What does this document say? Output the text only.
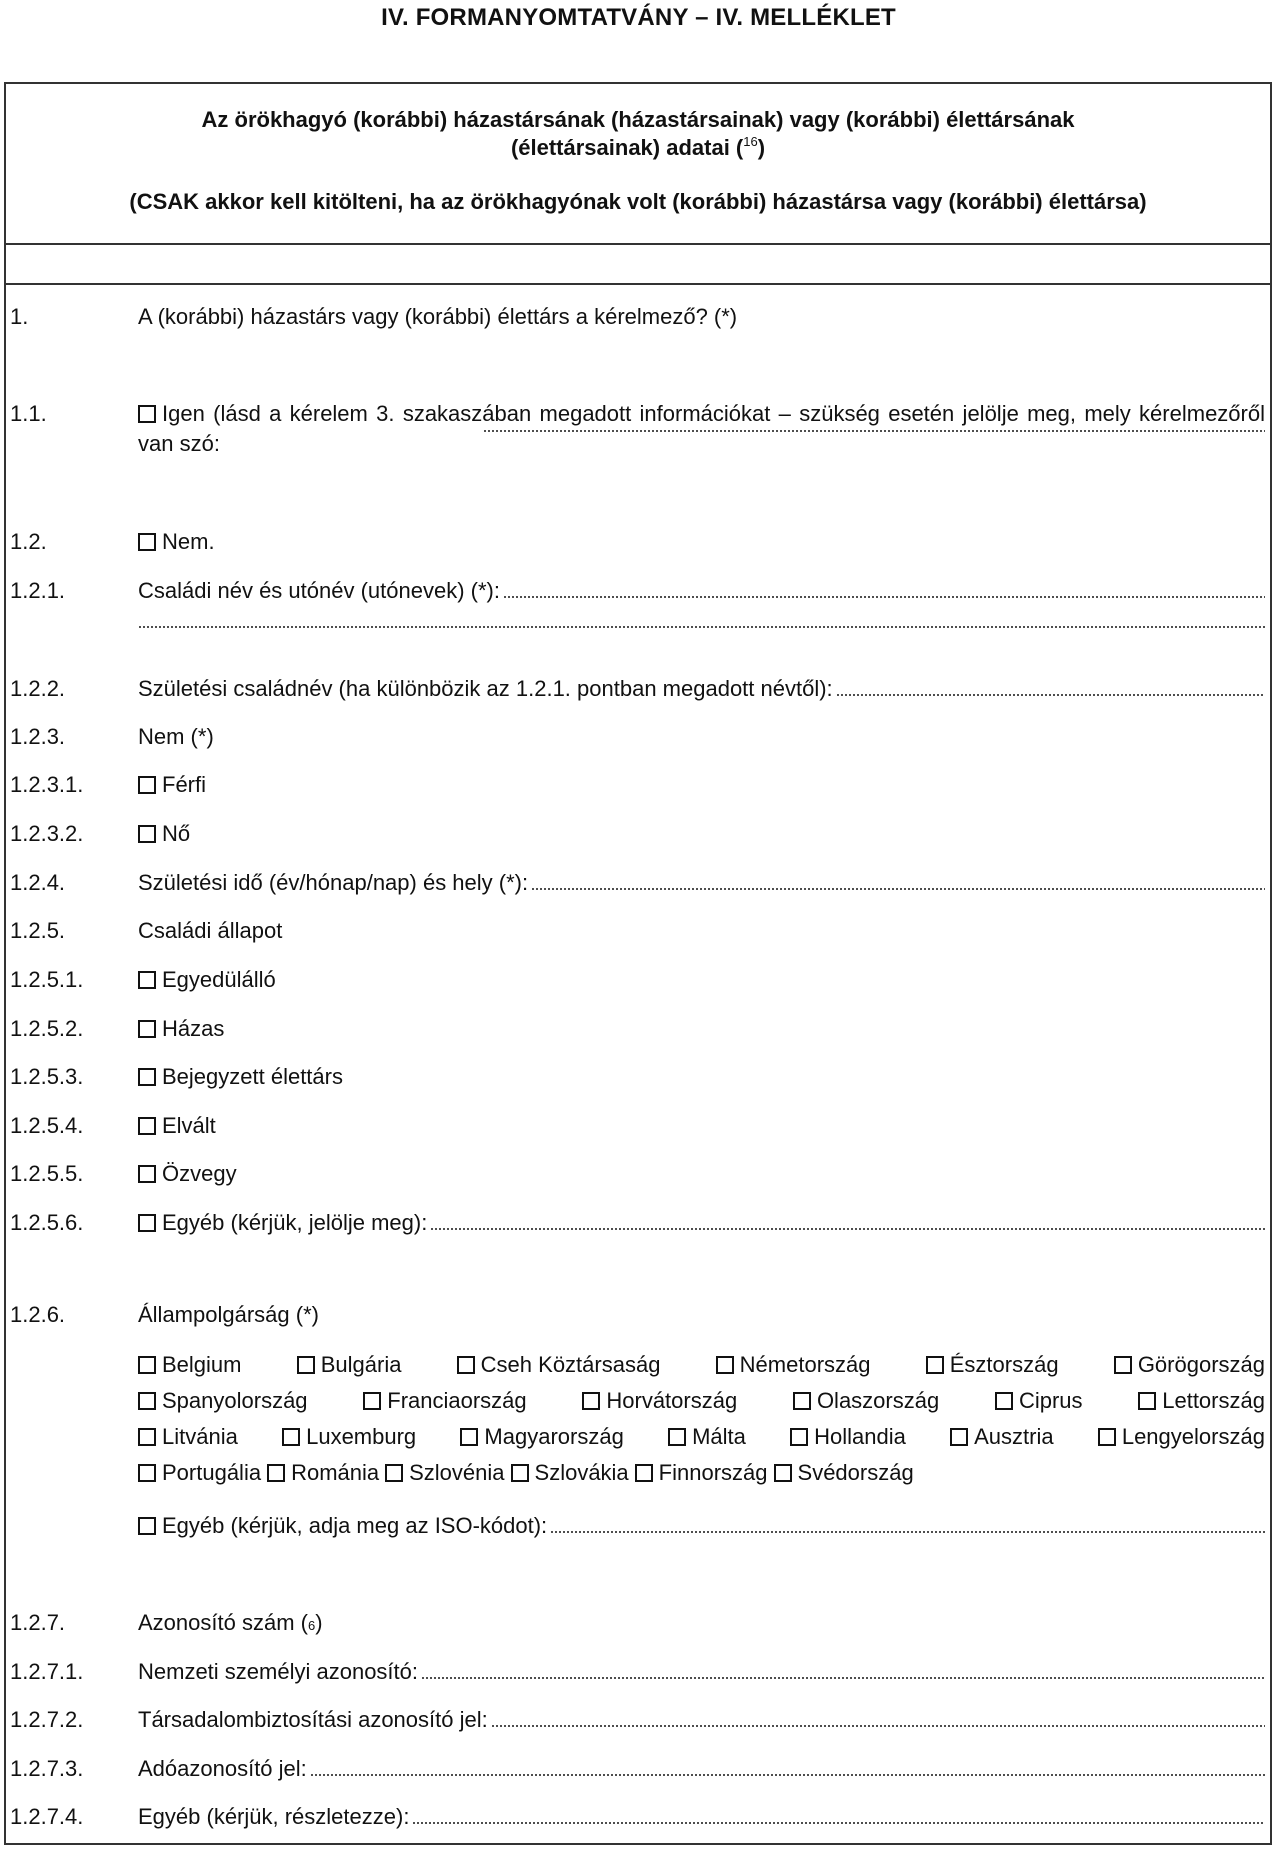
IV. FORMANYOMTATVÁNY – IV. MELLÉKLET
Az örökhagyó (korábbi) házastársának (házastársainak) vagy (korábbi) élettársának
(élettársainak) adatai ($^{16}$)
(CSAK akkor kell kitölteni, ha az örökhagyónak volt (korábbi) házastársa vagy (korábbi) élettársa)
1.	A (korábbi) házastárs vagy (korábbi) élettárs a kérelmező? (*)
1.1.	Igen (lásd a kérelem 3. szakaszában megadott információkat – szükség esetén jelölje meg, mely kérelmezőről van szó:
1.2.	Nem.
1.2.1.	Családi név és utónév (utónevek) (*):
1.2.2.	Születési családnév (ha különbözik az 1.2.1. pontban megadott névtől):
1.2.3.	Nem (*)
1.2.3.1.	Férfi
1.2.3.2.	Nő
1.2.4.	Születési idő (év/hónap/nap) és hely (*):
1.2.5.	Családi állapot
1.2.5.1.	Egyedülálló
1.2.5.2.	Házas
1.2.5.3.	Bejegyzett élettárs
1.2.5.4.	Elvált
1.2.5.5.	Özvegy
1.2.5.6.	Egyéb (kérjük, jelölje meg):
1.2.6.	Állampolgárság (*)
Belgium	Bulgária	Cseh Köztársaság	Németország	Észtország	Görögország
Spanyolország	Franciaország	Horvátország	Olaszország	Ciprus	Lettország
Litvánia	Luxemburg	Magyarország	Málta	Hollandia	Ausztria	Lengyelország
Portugália Románia Szlovénia Szlovákia Finnország Svédország
Egyéb (kérjük, adja meg az ISO-kódot):
1.2.7.	Azonosító szám ( 6 )
1.2.7.1. Nemzeti személyi azonosító:
1.2.7.2. Társadalombiztosítási azonosító jel:
1.2.7.3. Adóazonosító jel:
1.2.7.4. Egyéb (kérjük, részletezze):
